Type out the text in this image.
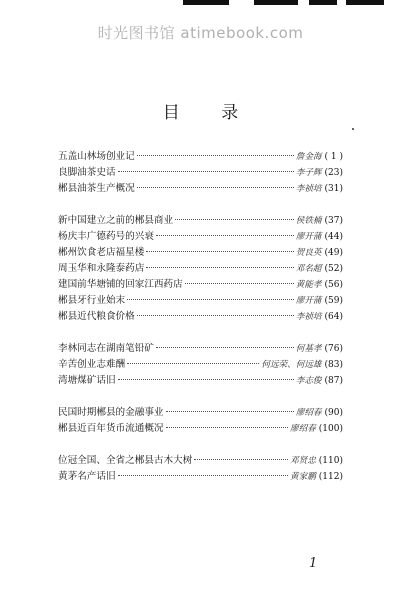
时光图书馆 atimebook.com
目 录
五盖山林场创业记	詹金海 ( 1 )
良脚油茶史话	李子辉 (23)
郴县油茶生产概况	李祯培 (31)
新中国建立之前的郴县商业	侯铁楠 (37)
杨庆丰广德药号的兴衰	廖开蒲 (44)
郴州饮食老店福星楼	贺良英 (49)
周玉华和永隆泰药店	邓名超 (52)
建国前华塘铺的回家江西药店	黄能孝 (56)
郴县牙行业始末	廖开蒲 (59)
郴县近代粮食价格	李祯培 (64)
李林同志在湖南笔铅矿	何基孝 (76)
辛苦创业志难酬	何远荣、何远雄 (83)
湾塘煤矿话旧	李志俊 (87)
民国时期郴县的金融事业	廖绍春 (90)
郴县近百年货币流通概况	廖绍春 (100)
位冠全国、全省之郴县古木大树	邓贤忠 (110)
黄茅名产话旧	黄家鹏 (112)
1
